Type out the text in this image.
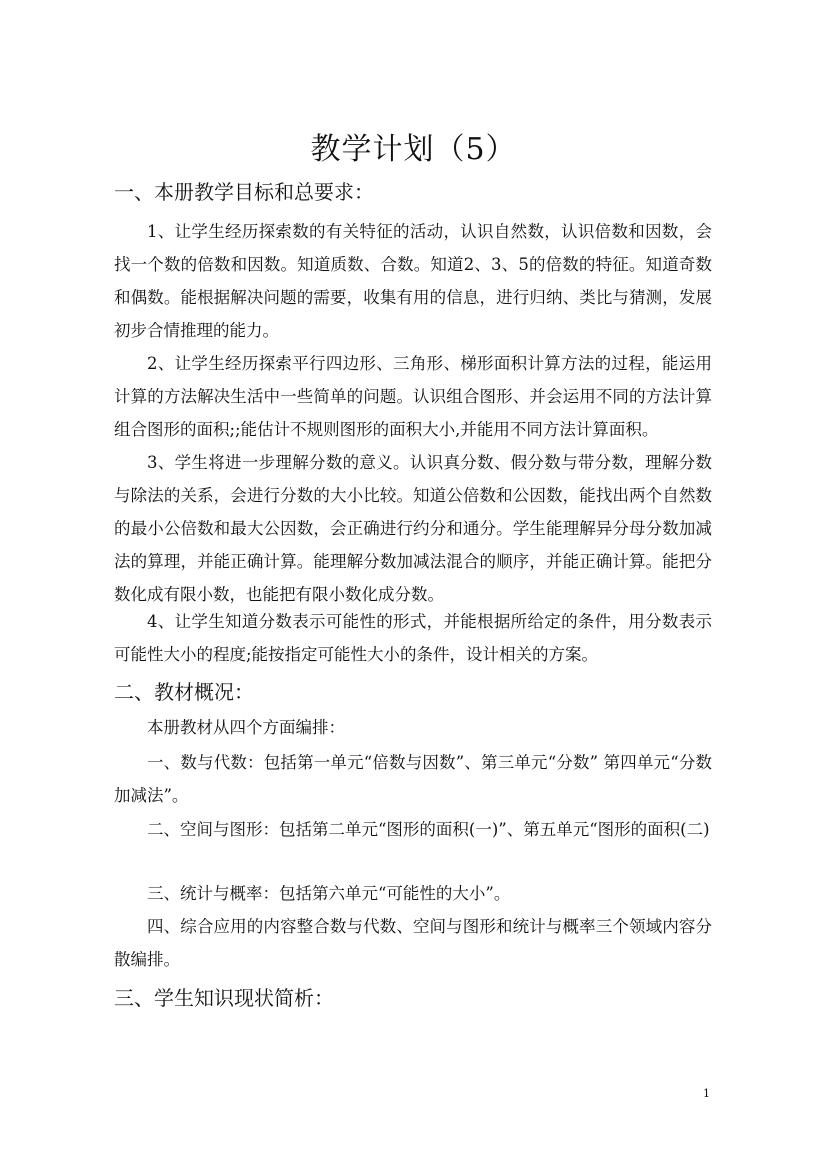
教学计划（5）
一、本册教学目标和总要求：

1、让学生经历探索数的有关特征的活动，认识自然数，认识倍数和因数，会找一个数的倍数和因数。知道质数、合数。知道2、3、5的倍数的特征。知道奇数和偶数。能根据解决问题的需要，收集有用的信息，进行归纳、类比与猜测，发展初步合情推理的能力。

2、让学生经历探索平行四边形、三角形、梯形面积计算方法的过程，能运用计算的方法解决生活中一些简单的问题。认识组合图形、并会运用不同的方法计算组合图形的面积;;能估计不规则图形的面积大小,并能用不同方法计算面积。

3、学生将进一步理解分数的意义。认识真分数、假分数与带分数，理解分数与除法的关系，会进行分数的大小比较。知道公倍数和公因数，能找出两个自然数的最小公倍数和最大公因数，会正确进行约分和通分。学生能理解异分母分数加减法的算理，并能正确计算。能理解分数加减法混合的顺序，并能正确计算。能把分数化成有限小数，也能把有限小数化成分数。

4、让学生知道分数表示可能性的形式，并能根据所给定的条件，用分数表示可能性大小的程度;能按指定可能性大小的条件，设计相关的方案。

二、教材概况：

本册教材从四个方面编排：

一、数与代数：包括第一单元“倍数与因数”、第三单元“分数” 第四单元“分数加减法”。

二、空间与图形：包括第二单元“图形的面积(一)”、第五单元“图形的面积(二)

三、统计与概率：包括第六单元“可能性的大小”。

四、综合应用的内容整合数与代数、空间与图形和统计与概率三个领域内容分散编排。

三、学生知识现状简析：
1
